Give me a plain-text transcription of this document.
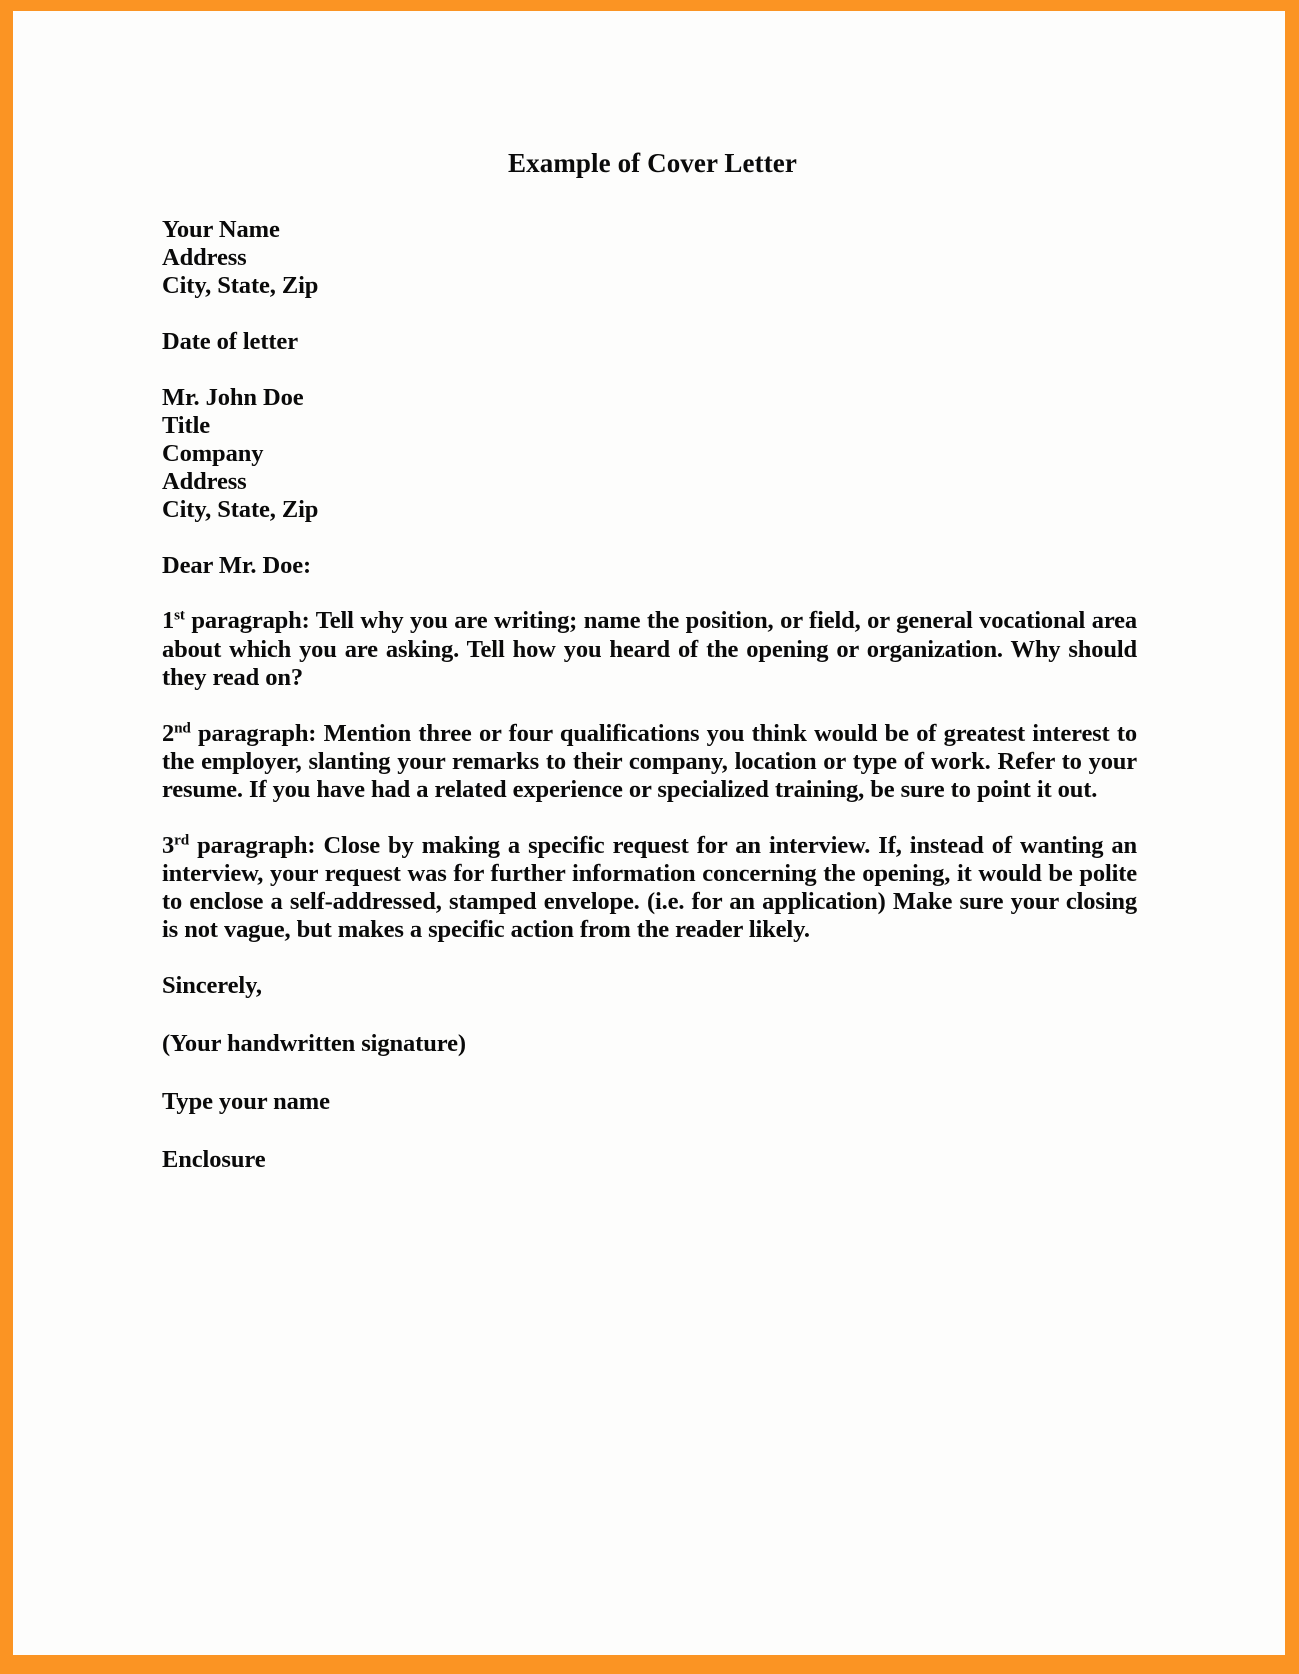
Example of Cover Letter
Your Name
Address
City, State, Zip
Date of letter
Mr. John Doe
Title
Company
Address
City, State, Zip
Dear Mr. Doe:

1st paragraph: Tell why you are writing; name the position, or field, or general vocational area about which you are asking. Tell how you heard of the opening or organization. Why should they read on?

2nd paragraph: Mention three or four qualifications you think would be of greatest interest to the employer, slanting your remarks to their company, location or type of work. Refer to your resume. If you have had a related experience or specialized training, be sure to point it out.

3rd paragraph: Close by making a specific request for an interview. If, instead of wanting an interview, your request was for further information concerning the opening, it would be polite to enclose a self-addressed, stamped envelope. (i.e. for an application) Make sure your closing is not vague, but makes a specific action from the reader likely.

Sincerely,
(Your handwritten signature)
Type your name
Enclosure
